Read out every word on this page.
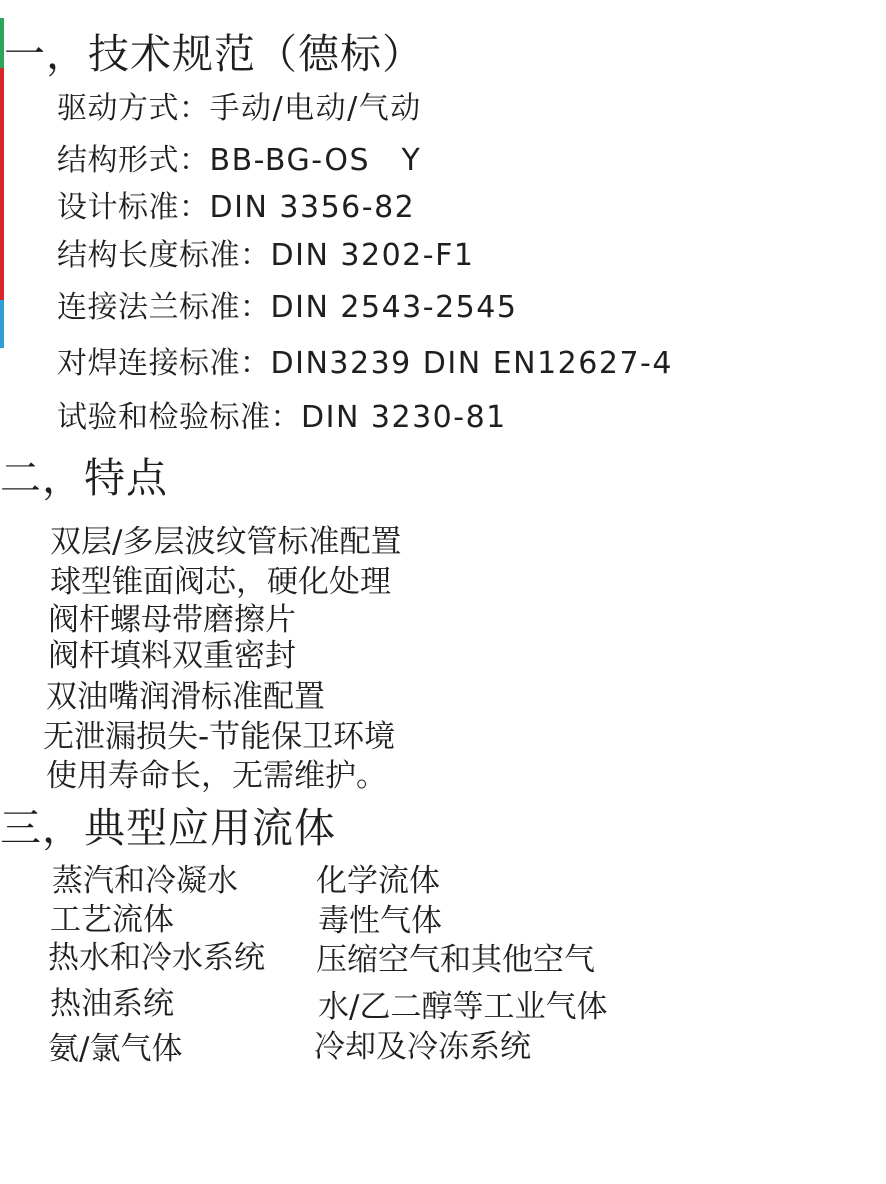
一，技术规范（德标）
驱动方式：手动/电动/气动
结构形式：BB-BG-OS　Y
设计标准：DIN 3356-82
结构长度标准：DIN 3202-F1
连接法兰标准：DIN 2543-2545
对焊连接标准：DIN3239 DIN EN12627-4
试验和检验标准：DIN 3230-81
二，特点
双层/多层波纹管标准配置
球型锥面阀芯，硬化处理
阀杆螺母带磨擦片
阀杆填料双重密封
双油嘴润滑标准配置
无泄漏损失-节能保卫环境
使用寿命长，无需维护。
三，典型应用流体
蒸汽和冷凝水
工艺流体
热水和冷水系统
热油系统
氨/氯气体
化学流体
毒性气体
压缩空气和其他空气
水/乙二醇等工业气体
冷却及冷冻系统
